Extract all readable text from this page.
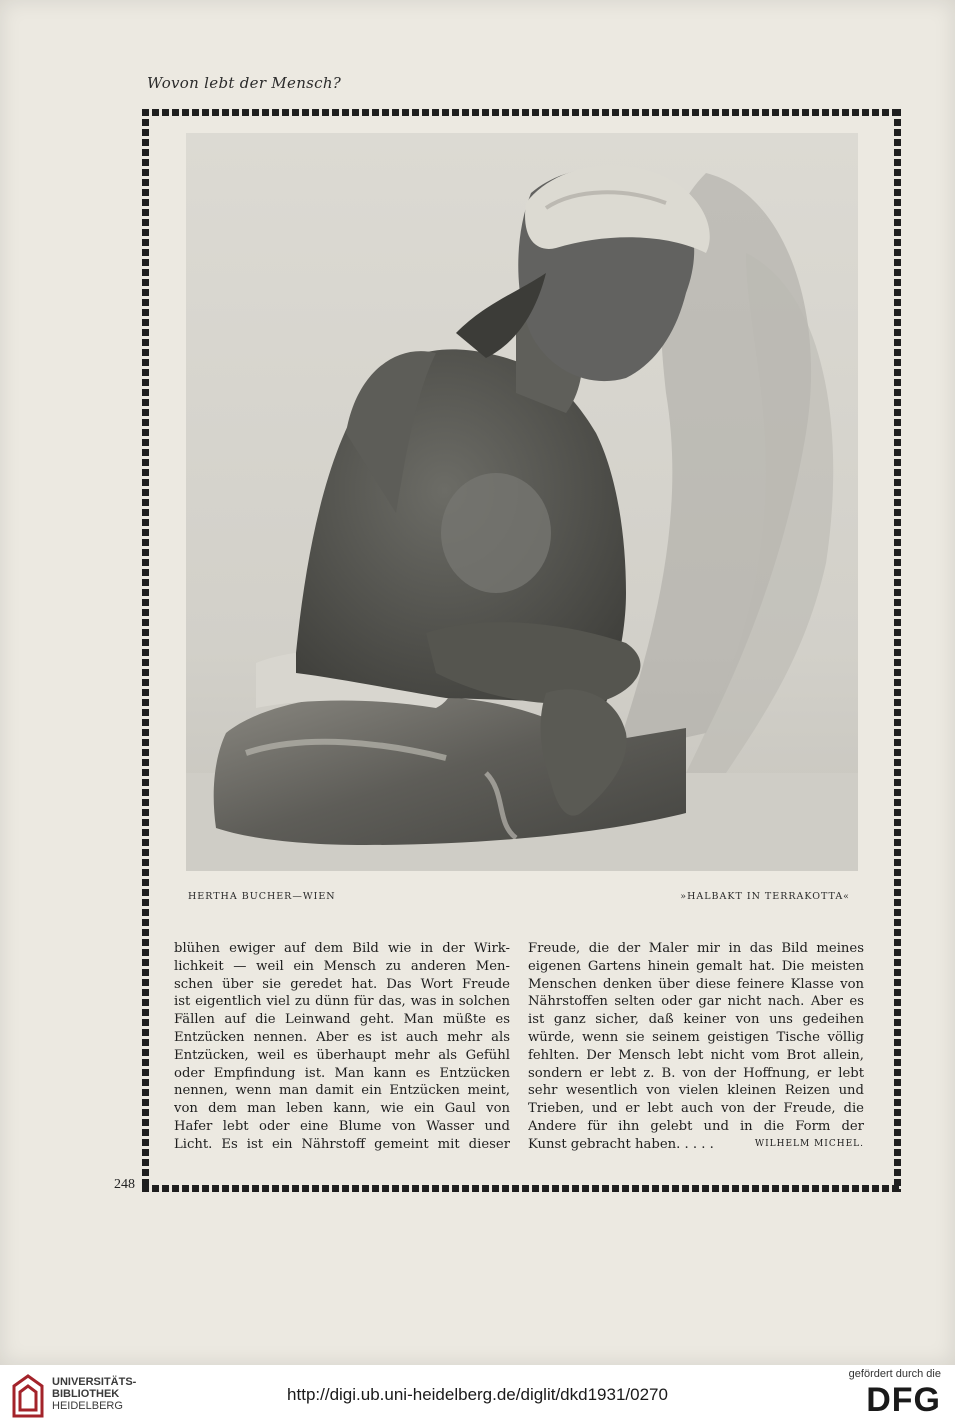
Wovon lebt der Mensch?
HERTHA BUCHER—WIEN	»HALBAKT IN TERRAKOTTA«
blühen ewiger auf dem Bild wie in der Wirk-
lichkeit — weil ein Mensch zu anderen Men-
schen über sie geredet hat. Das Wort Freude
ist eigentlich viel zu dünn für das, was in solchen
Fällen auf die Leinwand geht. Man müßte es
Entzücken nennen. Aber es ist auch mehr als
Entzücken, weil es überhaupt mehr als Gefühl
oder Empfindung ist. Man kann es Entzücken
nennen, wenn man damit ein Entzücken meint,
von dem man leben kann, wie ein Gaul von
Hafer lebt oder eine Blume von Wasser und
Licht. Es ist ein Nährstoff gemeint mit dieser
Freude, die der Maler mir in das Bild meines
eigenen Gartens hinein gemalt hat. Die meisten
Menschen denken über diese feinere Klasse von
Nährstoffen selten oder gar nicht nach. Aber es
ist ganz sicher, daß keiner von uns gedeihen
würde, wenn sie seinem geistigen Tische völlig
fehlten. Der Mensch lebt nicht vom Brot allein,
sondern er lebt z. B. von der Hoffnung, er lebt
sehr wesentlich von vielen kleinen Reizen und
Trieben, und er lebt auch von der Freude, die
Andere für ihn gelebt und in die Form der
Kunst gebracht haben. . . . .	WILHELM MICHEL.
248
UNIVERSITÄTS-
BIBLIOTHEK
HEIDELBERG
http://digi.ub.uni-heidelberg.de/diglit/dkd1931/0270
gefördert durch die
DFG
